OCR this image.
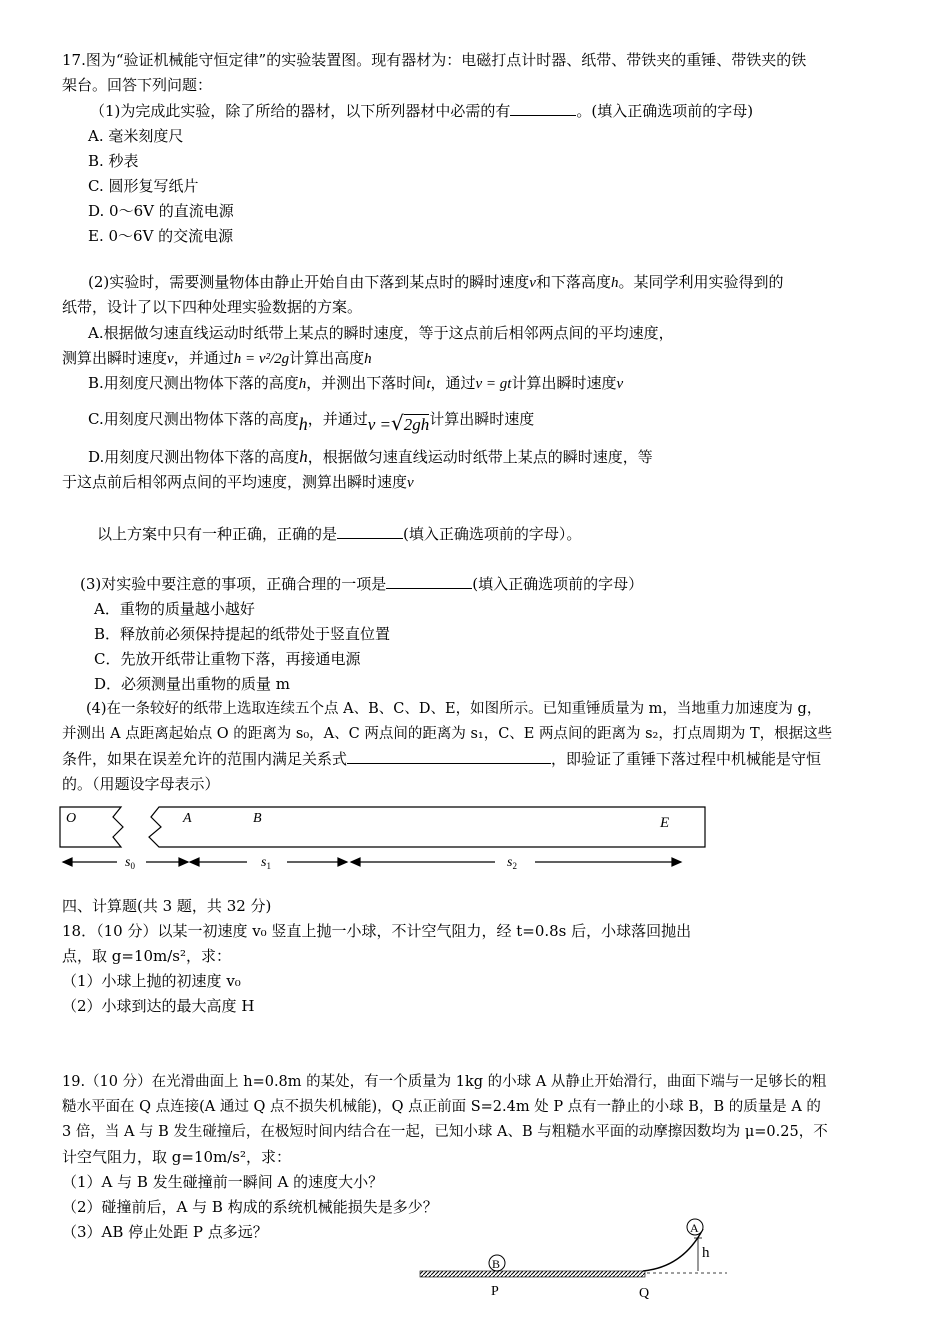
17.图为“验证机械能守恒定律”的实验装置图。现有器材为：电磁打点计时器、纸带、带铁夹的重锤、带铁夹的铁
架台。回答下列问题：
（1)为完成此实验，除了所给的器材，以下所列器材中必需的有	。(填入正确选项前的字母)
A. 毫米刻度尺
B. 秒表
C. 圆形复写纸片
D. 0～6V 的直流电源
E. 0～6V 的交流电源
(2)实验时，需要测量物体由静止开始自由下落到某点时的瞬时速度v和下落高度h。某同学利用实验得到的
纸带，设计了以下四种处理实验数据的方案。
A.根据做匀速直线运动时纸带上某点的瞬时速度，等于这点前后相邻两点间的平均速度，
测算出瞬时速度v，并通过h = v²/2g计算出高度h
B.用刻度尺测出物体下落的高度h，并测出下落时间t，通过v = gt计算出瞬时速度v
C.用刻度尺测出物体下落的高度h，并通过v =√2gh计算出瞬时速度
D.用刻度尺测出物体下落的高度h，根据做匀速直线运动时纸带上某点的瞬时速度，等
于这点前后相邻两点间的平均速度，测算出瞬时速度v
以上方案中只有一种正确，正确的是	(填入正确选项前的字母）。
(3)对实验中要注意的事项，正确合理的一项是	(填入正确选项前的字母）
A．重物的质量越小越好
B．释放前必须保持提起的纸带处于竖直位置
C．先放开纸带让重物下落，再接通电源
D．必须测量出重物的质量 m
(4)在一条较好的纸带上选取连续五个点 A、B、C、D、E，如图所示。已知重锤质量为 m，当地重力加速度为 g，
并测出 A 点距离起始点 O 的距离为 s₀，A、C 两点间的距离为 s₁，C、E 两点间的距离为 s₂，打点周期为 T，根据这些
条件，如果在误差允许的范围内满足关系式	，即验证了重锤下落过程中机械能是守恒
的。（用题设字母表示）
O	A	B	E
$s_0$	$s_1$	$s_2$
四、计算题(共 3 题，共 32 分)
18．（10 分）以某一初速度 v₀ 竖直上抛一小球，不计空气阻力，经 t=0.8s 后，小球落回抛出
点，取 g=10m/s²，求：
（1）小球上抛的初速度 v₀
（2）小球到达的最大高度 H
19.（10 分）在光滑曲面上 h=0.8m 的某处，有一个质量为 1kg 的小球 A 从静止开始滑行，曲面下端与一足够长的粗
糙水平面在 Q 点连接(A 通过 Q 点不损失机械能)，Q 点正前面 S=2.4m 处 P 点有一静止的小球 B，B 的质量是 A 的
3 倍，当 A 与 B 发生碰撞后，在极短时间内结合在一起，已知小球 A、B 与粗糙水平面的动摩擦因数均为 μ=0.25，不
计空气阻力，取 g=10m/s²，求：
（1）A 与 B 发生碰撞前一瞬间 A 的速度大小？
（2）碰撞前后，A 与 B 构成的系统机械能损失是多少？
（3）AB 停止处距 P 点多远？
h
A
B
P	Q
